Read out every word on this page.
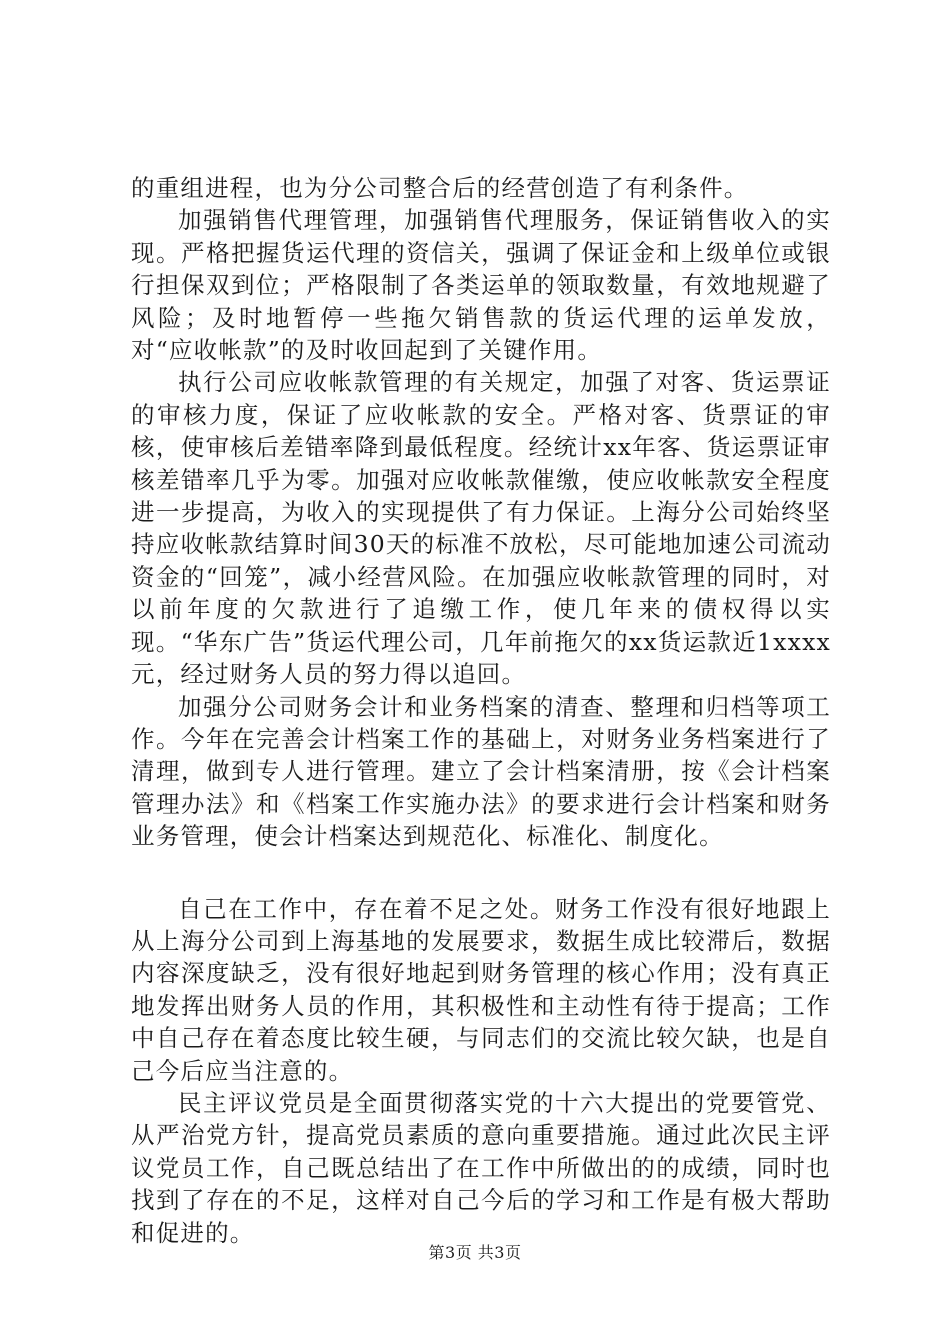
的重组进程，也为分公司整合后的经营创造了有利条件。

加强销售代理管理，加强销售代理服务，保证销售收入的实现。严格把握货运代理的资信关，强调了保证金和上级单位或银行担保双到位；严格限制了各类运单的领取数量，有效地规避了风险；及时地暂停一些拖欠销售款的货运代理的运单发放，对“应收帐款”的及时收回起到了关键作用。

执行公司应收帐款管理的有关规定，加强了对客、货运票证的审核力度，保证了应收帐款的安全。严格对客、货票证的审核，使审核后差错率降到最低程度。经统计xx年客、货运票证审核差错率几乎为零。加强对应收帐款催缴，使应收帐款安全程度进一步提高，为收入的实现提供了有力保证。上海分公司始终坚持应收帐款结算时间30天的标准不放松，尽可能地加速公司流动资金的“回笼”，减小经营风险。在加强应收帐款管理的同时，对以前年度的欠款进行了追缴工作，使几年来的债权得以实现。“华东广告”货运代理公司，几年前拖欠的xx货运款近1xxxx元，经过财务人员的努力得以追回。

加强分公司财务会计和业务档案的清查、整理和归档等项工作。今年在完善会计档案工作的基础上，对财务业务档案进行了清理，做到专人进行管理。建立了会计档案清册，按《会计档案管理办法》和《档案工作实施办法》的要求进行会计档案和财务业务管理，使会计档案达到规范化、标准化、制度化。

自己在工作中，存在着不足之处。财务工作没有很好地跟上从上海分公司到上海基地的发展要求，数据生成比较滞后，数据内容深度缺乏，没有很好地起到财务管理的核心作用；没有真正地发挥出财务人员的作用，其积极性和主动性有待于提高；工作中自己存在着态度比较生硬，与同志们的交流比较欠缺，也是自己今后应当注意的。

民主评议党员是全面贯彻落实党的十六大提出的党要管党、从严治党方针，提高党员素质的意向重要措施。通过此次民主评议党员工作，自己既总结出了在工作中所做出的的成绩，同时也找到了存在的不足，这样对自己今后的学习和工作是有极大帮助和促进的。

第3页 共3页
